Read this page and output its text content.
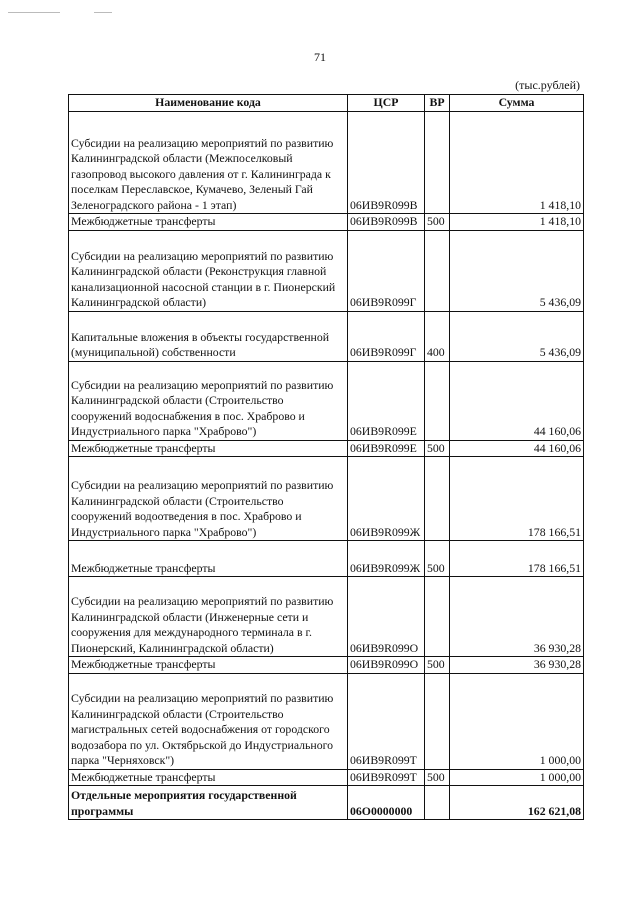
71
(тыс.рублей)
Наименование кода	ЦСР	ВР	Сумма
Субсидии на реализацию мероприятий по развитию Калининградской области (Межпоселковый газопровод высокого давления от г. Калининграда к поселкам Переславское, Кумачево, Зеленый Гай Зеленоградского района - 1 этап)	06ИВ9R099В		1 418,10
Межбюджетные трансферты	06ИВ9R099В	500	1 418,10
Субсидии на реализацию мероприятий по развитию Калининградской области (Реконструкция главной канализационной насосной станции в г. Пионерский Калининградской области)	06ИВ9R099Г		5 436,09
Капитальные вложения в объекты государственной (муниципальной) собственности	06ИВ9R099Г	400	5 436,09
Субсидии на реализацию мероприятий по развитию Калининградской области (Строительство сооружений водоснабжения в пос. Храброво и Индустриального парка "Храброво")	06ИВ9R099Е		44 160,06
Межбюджетные трансферты	06ИВ9R099Е	500	44 160,06
Субсидии на реализацию мероприятий по развитию Калининградской области (Строительство сооружений водоотведения в пос. Храброво и Индустриального парка "Храброво")	06ИВ9R099Ж		178 166,51
Межбюджетные трансферты	06ИВ9R099Ж	500	178 166,51
Субсидии на реализацию мероприятий по развитию Калининградской области (Инженерные сети и сооружения для международного терминала в г. Пионерский, Калининградской области)	06ИВ9R099О		36 930,28
Межбюджетные трансферты	06ИВ9R099О	500	36 930,28
Субсидии на реализацию мероприятий по развитию Калининградской области (Строительство магистральных сетей водоснабжения от городского водозабора по ул. Октябрьской до Индустриального парка "Черняховск")	06ИВ9R099Т		1 000,00
Межбюджетные трансферты	06ИВ9R099Т	500	1 000,00
Отдельные мероприятия государственной программы	06О0000000		162 621,08
